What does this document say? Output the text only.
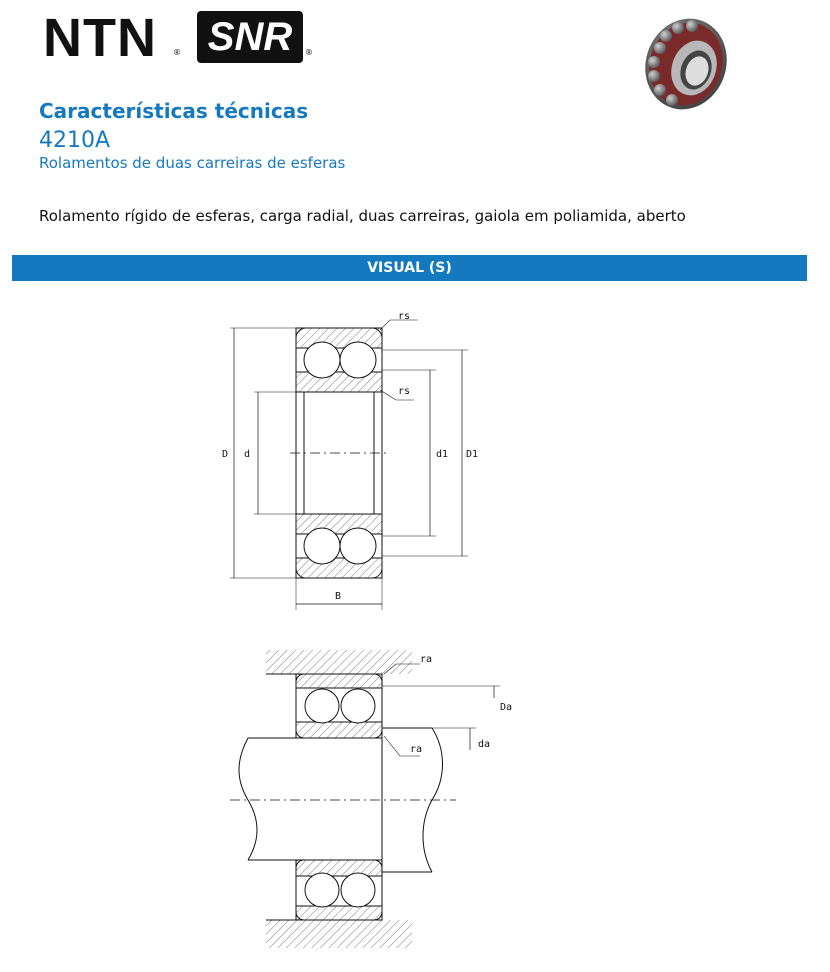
NTN ® SNR	®
Características técnicas
4210A
Rolamentos de duas carreiras de esferas
Rolamento rígido de esferas, carga radial, duas carreiras, gaiola em poliamida, aberto
VISUAL (S)
rs
rs
D d	d1 D1
B
ra
Da
ra	da
